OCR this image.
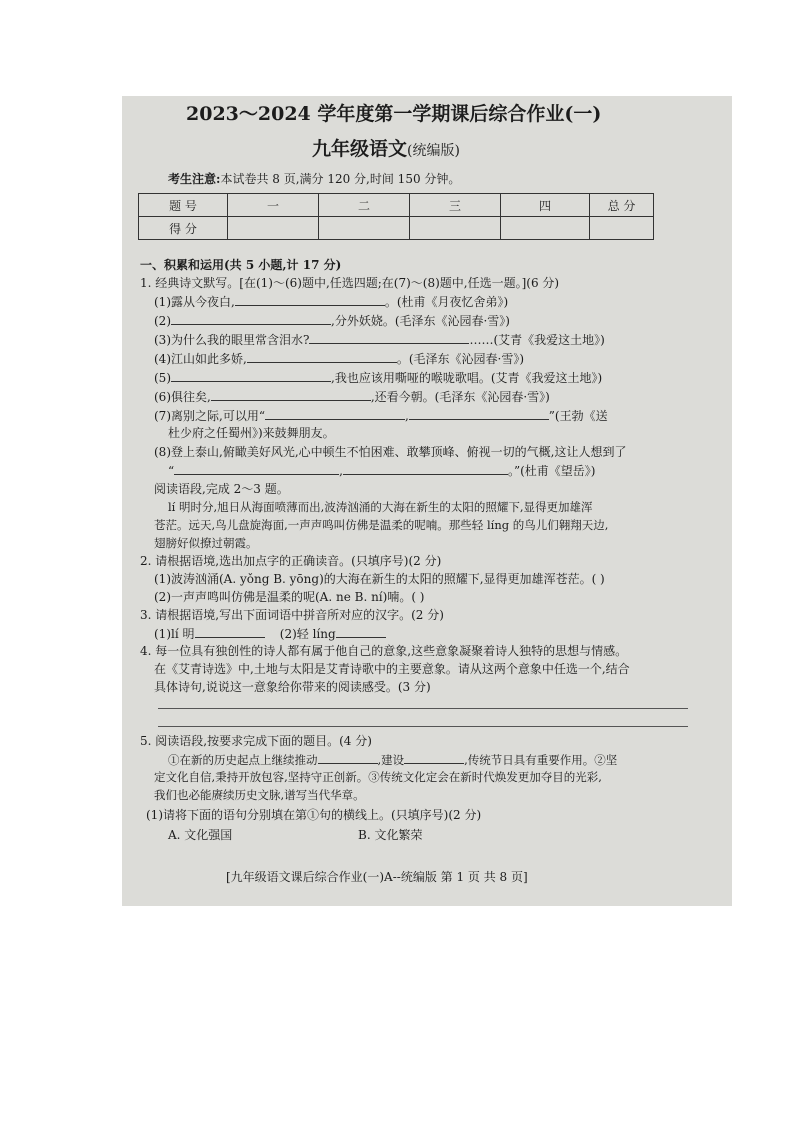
2023～2024 学年度第一学期课后综合作业(一)
九年级语文(统编版)
考生注意:本试卷共 8 页,满分 120 分,时间 150 分钟。
题 号	一	二	三	四	总 分
得 分					
一、积累和运用(共 5 小题,计 17 分)
1. 经典诗文默写。[在(1)～(6)题中,任选四题;在(7)～(8)题中,任选一题。](6 分)
(1)露从今夜白,	。(杜甫《月夜忆舍弟》)
(2)	,分外妖娆。(毛泽东《沁园春·雪》)
(3)为什么我的眼里常含泪水?	……(艾青《我爱这土地》)
(4)江山如此多娇,	。(毛泽东《沁园春·雪》)
(5)	,我也应该用嘶哑的喉咙歌唱。(艾青《我爱这土地》)
(6)俱往矣,	,还看今朝。(毛泽东《沁园春·雪》)
(7)离别之际,可以用“	,	”(王勃《送
杜少府之任蜀州》)来鼓舞朋友。
(8)登上泰山,俯瞰美好风光,心中顿生不怕困难、敢攀顶峰、俯视一切的气概,这让人想到了
“	,	。”(杜甫《望岳》)
阅读语段,完成 2～3 题。
lí 明时分,旭日从海面喷薄而出,波涛汹涌的大海在新生的太阳的照耀下,显得更加雄浑
苍茫。远天,鸟儿盘旋海面,一声声鸣叫仿佛是温柔的呢喃。那些轻 líng 的鸟儿们翱翔天边,
翅膀好似撩过朝霞。
2. 请根据语境,选出加点字的正确读音。(只填序号)(2 分)
(1)波涛汹涌(A. yǒng B. yōng)的大海在新生的太阳的照耀下,显得更加雄浑苍茫。( )
(2)一声声鸣叫仿佛是温柔的呢(A. ne B. ní)喃。( )
3. 请根据语境,写出下面词语中拼音所对应的汉字。(2 分)
(1)lí 明	(2)轻 líng
4. 每一位具有独创性的诗人都有属于他自己的意象,这些意象凝聚着诗人独特的思想与情感。
在《艾青诗选》中,土地与太阳是艾青诗歌中的主要意象。请从这两个意象中任选一个,结合
具体诗句,说说这一意象给你带来的阅读感受。(3 分)
5. 阅读语段,按要求完成下面的题目。(4 分)
①在新的历史起点上继续推动	,建设	,传统节日具有重要作用。②坚
定文化自信,秉持开放包容,坚持守正创新。③传统文化定会在新时代焕发更加夺目的光彩,
我们也必能赓续历史文脉,谱写当代华章。
(1)请将下面的语句分别填在第①句的横线上。(只填序号)(2 分)
A. 文化强国	B. 文化繁荣
[九年级语文课后综合作业(一)A--统编版 第 1 页 共 8 页]
